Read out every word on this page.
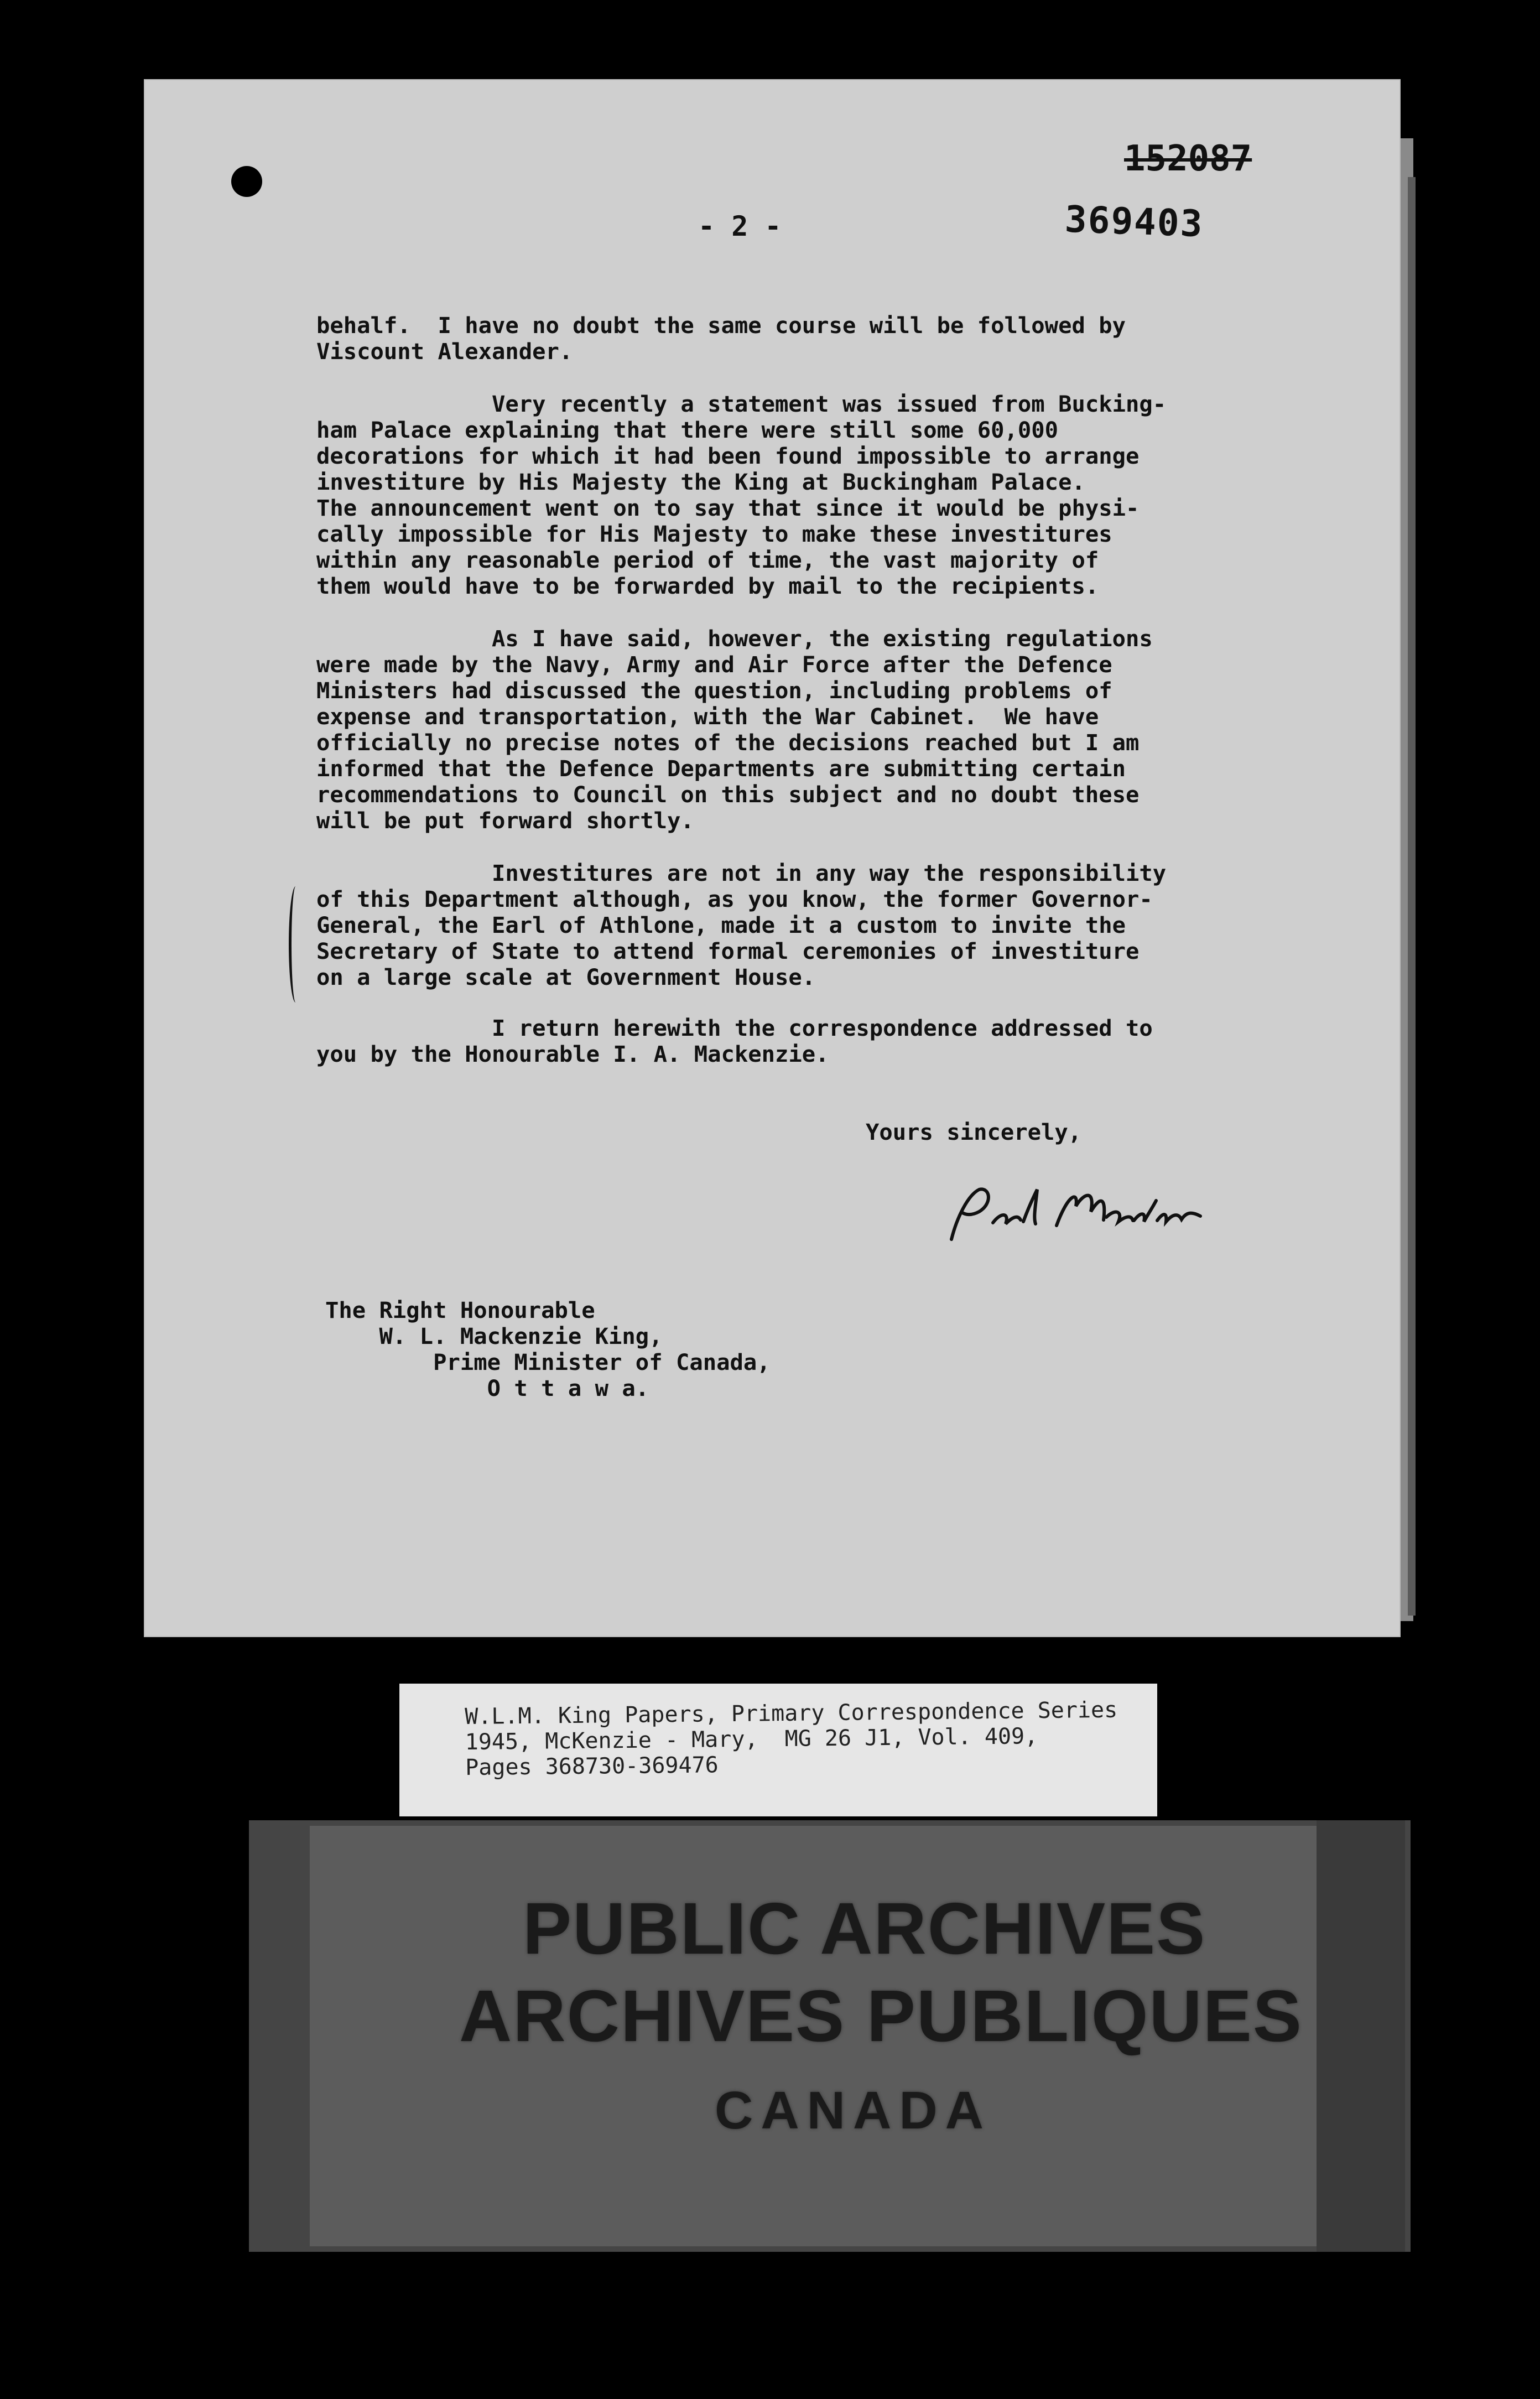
- 2 -
152087
369403
behalf.  I have no doubt the same course will be followed by
Viscount Alexander.
Very recently a statement was issued from Bucking-
ham Palace explaining that there were still some 60,000
decorations for which it had been found impossible to arrange
investiture by His Majesty the King at Buckingham Palace.
The announcement went on to say that since it would be physi-
cally impossible for His Majesty to make these investitures
within any reasonable period of time, the vast majority of
them would have to be forwarded by mail to the recipients.
As I have said, however, the existing regulations
were made by the Navy, Army and Air Force after the Defence
Ministers had discussed the question, including problems of
expense and transportation, with the War Cabinet.  We have
officially no precise notes of the decisions reached but I am
informed that the Defence Departments are submitting certain
recommendations to Council on this subject and no doubt these
will be put forward shortly.
Investitures are not in any way the responsibility
of this Department although, as you know, the former Governor-
General, the Earl of Athlone, made it a custom to invite the
Secretary of State to attend formal ceremonies of investiture
on a large scale at Government House.
I return herewith the correspondence addressed to
you by the Honourable I. A. Mackenzie.
Yours sincerely,
The Right Honourable
W. L. Mackenzie King,
Prime Minister of Canada,
O t t a w a.
W.L.M. King Papers, Primary Correspondence Series
1945, McKenzie - Mary,  MG 26 J1, Vol. 409,
Pages 368730-369476
PUBLIC ARCHIVES
ARCHIVES PUBLIQUES
CANADA
